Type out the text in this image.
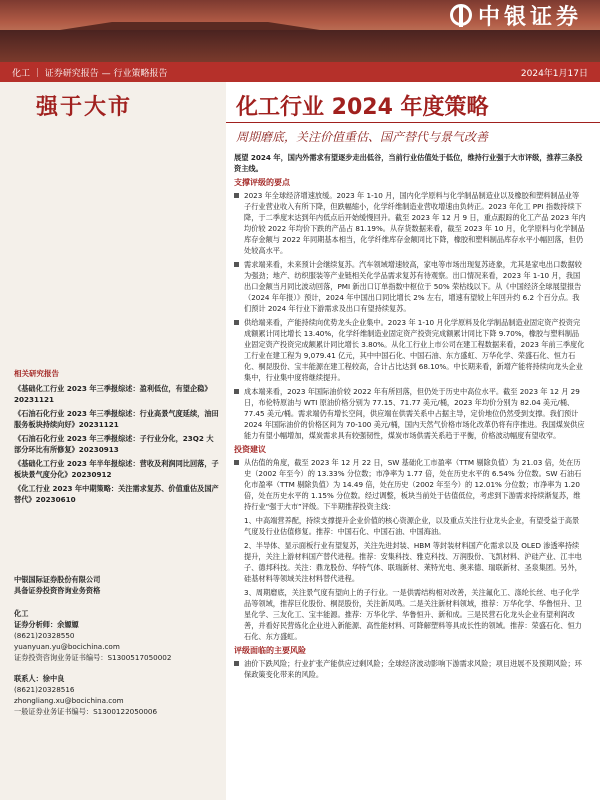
中银证券
化工 ｜ 证券研究报告 — 行业策略报告	2024年1月17日
强于大市	化工行业 2024 年度策略
周期磨底，关注价值重估、国产替代与景气改善
展望 2024 年，国内外需求有望逐步走出低谷，当前行业估值处于低位，维持行业强于大市评级，推荐三条投资主线。
支撑评级的要点
2023 年全球经济增速放缓。2023 年 1-10 月，国内化学原料与化学制品制造业以及橡胶和塑料制品业等子行业营业收入有所下降，但跌幅缩小，化学纤维制造业营收增速由负转正。2023 年化工 PPI 指数持续下降，于二季度末达到年内低点后开始缓慢回升。截至 2023 年 12 月 9 日，重点跟踪的化工产品 2023 年内均价较 2022 年均价下跌的产品占 81.19%。从存货数据来看，截至 2023 年 10 月，化学原料与化学制品库存金额与 2022 年同期基本相当，化学纤维库存金额同比下降，橡胶和塑料制品库存水平小幅回落，但仍处较高水平。
需求端来看，未来预计会继续复苏。汽车领域增速较高，家电等市场出现复苏迹象，尤其是家电出口数据较为强劲；地产、纺织服装等产业链相关化学品需求复苏有待观察。出口情况来看，2023 年 1-10 月，我国出口金额当月同比波动回落，PMI 新出口订单指数中枢位于 50% 荣枯线以下。从《中国经济全球展望报告（2024 年年报）》预计，2024 年中国出口同比增长 2% 左右，增速有望较上年回升约 6.2 个百分点。我们预计 2024 年行业下游需求及出口有望持续复苏。
供给端来看，产能持续向优势龙头企业集中。2023 年 1-10 月化学原料及化学制品制造业固定资产投资完成额累计同比增长 13.40%，化学纤维制造业固定资产投资完成额累计同比下降 9.70%，橡胶与塑料制品业固定资产投资完成额累计同比增长 3.80%。从化工行业上市公司在建工程数据来看，2023 年前三季度化工行业在建工程为 9,079.41 亿元，其中中国石化、中国石油、东方盛虹、万华化学、荣盛石化、恒力石化、桐昆股份、宝丰能源在建工程较高，合计占比达到 68.10%。中长期来看，新增产能将持续向龙头企业集中，行业集中度将继续提升。
成本端来看，2023 年国际油价较 2022 年有所回落，但仍处于历史中高位水平。截至 2023 年 12 月 29 日，布伦特原油与 WTI 原油价格分别为 77.15、71.77 美元/桶，2023 年均价分别为 82.04 美元/桶、77.45 美元/桶。需求端仍有增长空间，供应端在供需关系中占据主导，定价地位仍然受到支撑。我们预计 2024 年国际油价的价格区间为 70-100 美元/桶，国内天然气价格市场化改革仍将有序推进。我国煤炭供应能力有望小幅增加，煤炭需求具有较强韧性，煤炭市场供需关系趋于平衡，价格波动幅度有望收窄。
投资建议
从估值的角度，截至 2023 年 12 月 22 日，SW 基础化工市盈率（TTM 剔除负值）为 21.03 倍，处在历史（2002 年至今）的 13.33% 分位数；市净率为 1.77 倍，处在历史水平的 6.54% 分位数。SW 石油石化市盈率（TTM 剔除负值）为 14.49 倍，处在历史（2002 年至今）的 12.01% 分位数；市净率为 1.20 倍，处在历史水平的 1.15% 分位数。经过调整，板块当前处于估值低位，考虑到下游需求持续渐复苏，维持行业“强于大市”评级。下半期推荐投资主线：
1、中高端营养配，持续支撑提升企业价值的核心资源企业，以及重点关注行业龙头企业，有望受益于高景气度及行业估值修复。推荐：中国石化、中国石油、中国海油。
2、半导体、显示面板行业有望复苏，关注先进封装、HBM 等封装材料国产化需求以及 OLED 渗透率持续提升，关注上游材料国产替代进程。推荐：安集科技、雅克科技、万润股份、飞凯材料、沪硅产业、江丰电子、德邦科技。关注：鼎龙股份、华特气体、联瑞新材、莱特光电、奥来德、瑞联新材、圣泉集团。另外，硅基材料等领域关注材料替代进程。
3、周期磨底，关注景气度有望向上的子行业。一是供需结构相对改善，关注氟化工、涤纶长丝、电子化学品等领域，推荐巨化股份、桐昆股份，关注新凤鸣。二是关注新材料领域，推荐：万华化学、华鲁恒升、卫星化学、三友化工、宝丰能源。推荐：万华化学、华鲁恒升、新和成。三是民营石化龙头企业有望利润改善，并看好民营炼化企业进入新能源、高性能材料、可降解塑料等具成长性的领域。推荐：荣盛石化、恒力石化、东方盛虹。
评级面临的主要风险
油价下跌风险；行业扩张产能供应过剩风险；全球经济波动影响下游需求风险；项目进展不及预期风险；环保政策变化带来的风险。
相关研究报告
《基础化工行业 2023 年三季报综述：盈利低位，有望企稳》20231121
《石油石化行业 2023 年三季报综述：行业高景气度延续，油田服务板块持续向好》20231121
《石油石化行业 2023 年三季报综述：子行业分化，23Q2 大部分环比有所修复》20230913
《基础化工行业 2023 年半年报综述：营收及利润同比回落，子板块景气度分化》20230912
《化工行业 2023 年中期策略：关注需求复苏、价值重估及国产替代》20230610
中银国际证券股份有限公司
具备证券投资咨询业务资格
化工
证券分析师：余嫄嫄
(8621)20328550
yuanyuan.yu@bocichina.com
证券投资咨询业务证书编号：S1300517050002
联系人：徐中良
(8621)20328516
zhongliang.xu@bocichina.com
一般证券业务证书编号：S1300122050006
